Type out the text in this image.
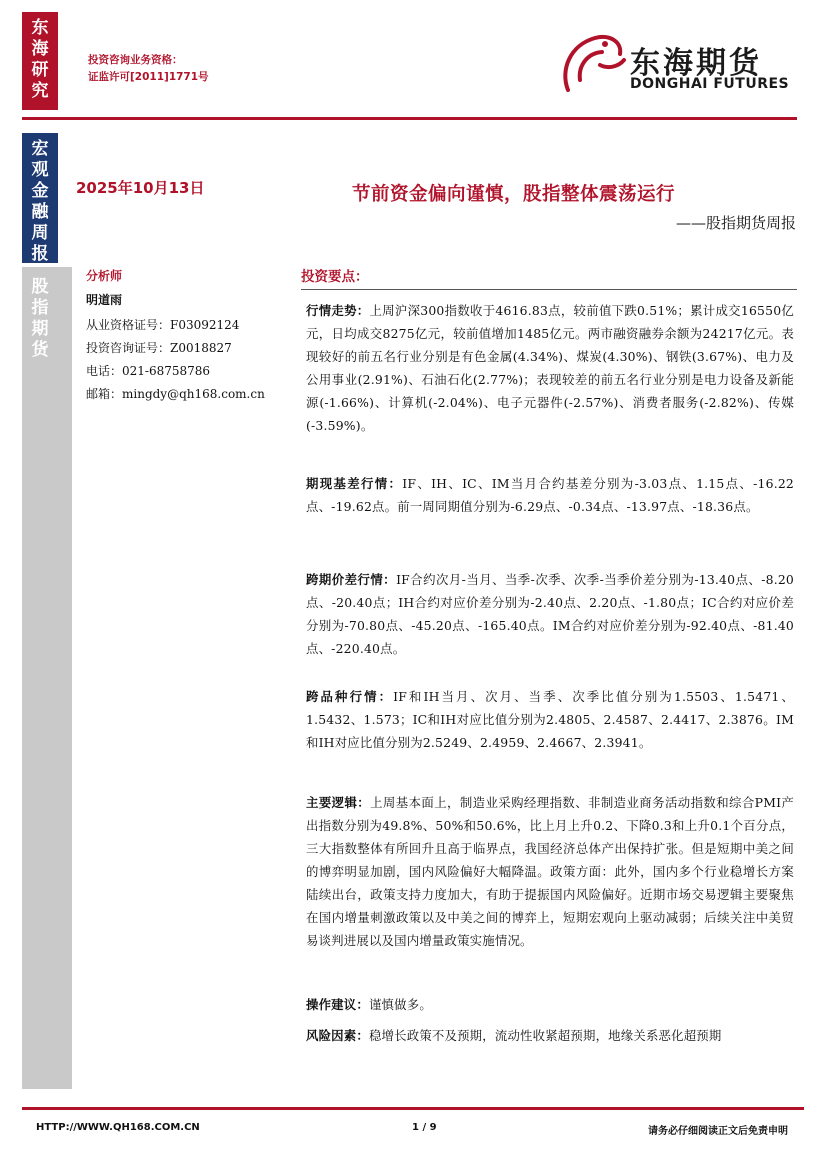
东
海
研
究
宏
观
金
融
周
报
股
指
期
货
投资咨询业务资格：
证监许可[2011]1771号	东海期货
DONGHAI FUTURES
2025年10月13日	节前资金偏向谨慎，股指整体震荡运行
——股指期货周报
分析师
明道雨
从业资格证号：F03092124
投资咨询证号：Z0018827
电话：021-68758786
邮箱：mingdy@qh168.com.cn
投资要点：
行情走势：上周沪深300指数收于4616.83点，较前值下跌0.51%；累计成交16550亿元，日均成交8275亿元，较前值增加1485亿元。两市融资融券余额为24217亿元。表现较好的前五名行业分别是有色金属(4.34%)、煤炭(4.30%)、钢铁(3.67%)、电力及公用事业(2.91%)、石油石化(2.77%)；表现较差的前五名行业分别是电力设备及新能源(-1.66%)、计算机(-2.04%)、电子元器件(-2.57%)、消费者服务(-2.82%)、传媒(-3.59%)。
期现基差行情：IF、IH、IC、IM当月合约基差分别为-3.03点、1.15点、-16.22点、-19.62点。前一周同期值分别为-6.29点、-0.34点、-13.97点、-18.36点。
跨期价差行情：IF合约次月-当月、当季-次季、次季-当季价差分别为-13.40点、-8.20点、-20.40点；IH合约对应价差分别为-2.40点、2.20点、-1.80点；IC合约对应价差分别为-70.80点、-45.20点、-165.40点。IM合约对应价差分别为-92.40点、-81.40点、-220.40点。
跨品种行情：IF和IH当月、次月、当季、次季比值分别为1.5503、1.5471、1.5432、1.573；IC和IH对应比值分别为2.4805、2.4587、2.4417、2.3876。IM和IH对应比值分别为2.5249、2.4959、2.4667、2.3941。
主要逻辑：上周基本面上，制造业采购经理指数、非制造业商务活动指数和综合PMI产出指数分别为49.8%、50%和50.6%，比上月上升0.2、下降0.3和上升0.1个百分点，三大指数整体有所回升且高于临界点，我国经济总体产出保持扩张。但是短期中美之间的博弈明显加剧，国内风险偏好大幅降温。政策方面：此外，国内多个行业稳增长方案陆续出台，政策支持力度加大，有助于提振国内风险偏好。近期市场交易逻辑主要聚焦在国内增量刺激政策以及中美之间的博弈上，短期宏观向上驱动减弱；后续关注中美贸易谈判进展以及国内增量政策实施情况。
操作建议：谨慎做多。
风险因素：稳增长政策不及预期，流动性收紧超预期，地缘关系恶化超预期
HTTP://WWW.QH168.COM.CN	1 / 9	请务必仔细阅读正文后免责申明
